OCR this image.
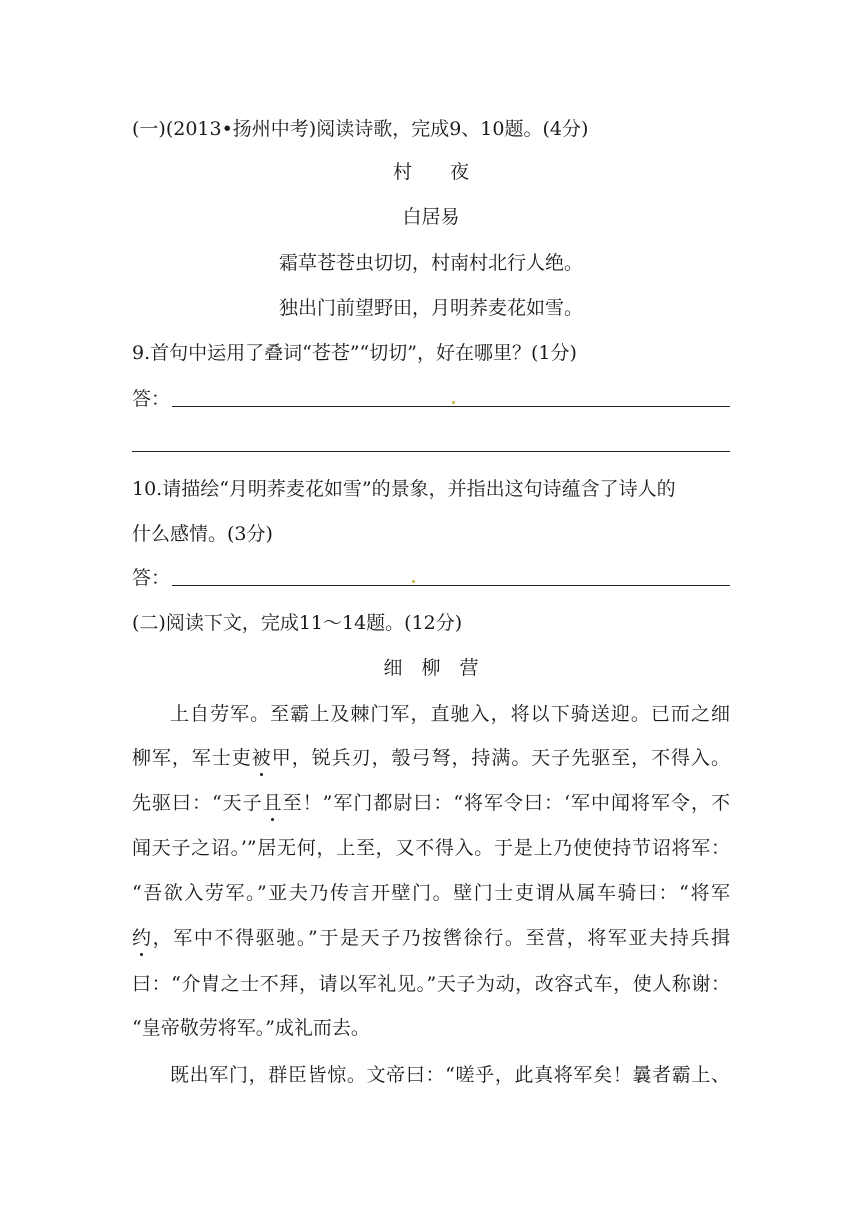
(一)(2013•扬州中考)阅读诗歌，完成9、10题。(4分)
村　　夜
白居易
霜草苍苍虫切切，村南村北行人绝。
独出门前望野田，月明荞麦花如雪。
9.首句中运用了叠词“苍苍”“切切”，好在哪里？(1分)
答：
10.请描绘“月明荞麦花如雪”的景象，并指出这句诗蕴含了诗人的
什么感情。(3分)
答：
(二)阅读下文，完成11～14题。(12分)
细　柳　营
上自劳军。至霸上及棘门军，直驰入，将以下骑送迎。已而之细
柳军，军士吏被甲，锐兵刃，彀弓弩，持满。天子先驱至，不得入。
先驱曰：“天子且至！”军门都尉曰：“将军令曰：‘军中闻将军令，不
闻天子之诏。’”居无何，上至，又不得入。于是上乃使使持节诏将军：
“吾欲入劳军。”亚夫乃传言开壁门。壁门士吏谓从属车骑曰：“将军
约，军中不得驱驰。”于是天子乃按辔徐行。至营，将军亚夫持兵揖
曰：“介胄之士不拜，请以军礼见。”天子为动，改容式车，使人称谢：
“皇帝敬劳将军。”成礼而去。
既出军门，群臣皆惊。文帝曰：“嗟乎，此真将军矣！曩者霸上、
